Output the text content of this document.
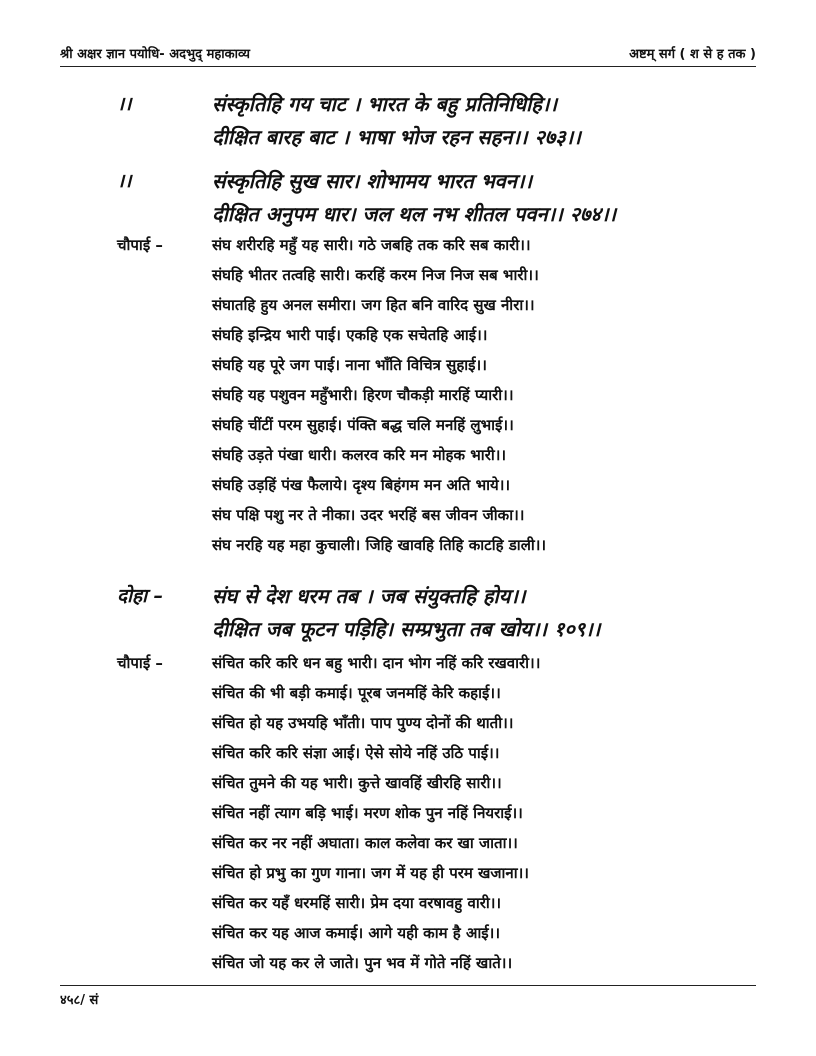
श्री अक्षर ज्ञान पयोधि- अदभुद् महाकाव्य	अष्टम् सर्ग ( श से ह तक )
।।	संस्कृतिहि गय चाट । भारत के बहु प्रतिनिधिहि।।
दीक्षित बारह बाट । भाषा भोज रहन सहन।। २७३।।
।।	संस्कृतिहि सुख सार। शोभामय भारत भवन।।
दीक्षित अनुपम धार। जल थल नभ शीतल पवन।। २७४।।
चौपाई –	संघ शरीरहि महुँ यह सारी। गठे जबहि तक करि सब कारी।।
संघहि भीतर तत्वहि सारी। करहिं करम निज निज सब भारी।।
संघातहि हुय अनल समीरा। जग हित बनि वारिद सुख नीरा।।
संघहि इन्द्रिय भारी पाई। एकहि एक सचेतहि आई।।
संघहि यह पूरे जग पाई। नाना भाँति विचित्र सुहाई।।
संघहि यह पशुवन महुँभारी। हिरण चौकड़ी मारहिं प्यारी।।
संघहि चींटीं परम सुहाई। पंक्ति बद्ध चलि मनहिं लुभाई।।
संघहि उड़ते पंखा धारी। कलरव करि मन मोहक भारी।।
संघहि उड़हिं पंख फैलाये। दृश्य बिहंगम मन अति भाये।।
संघ पक्षि पशु नर ते नीका। उदर भरहिं बस जीवन जीका।।
संघ नरहि यह महा कुचाली। जिहि खावहि तिहि काटहि डाली।।
दोहा – संघ से देश धरम तब । जब संयुक्तहि होय।।
दीक्षित जब फूटन पड़िहि। सम्प्रभुता तब खोय।। १०९।।
चौपाई –	संचित करि करि धन बहु भारी। दान भोग नहिं करि रखवारी।।
संचित की भी बड़ी कमाई। पूरब जनमहिं केरि कहाई।।
संचित हो यह उभयहि भाँती। पाप पुण्य दोनों की थाती।।
संचित करि करि संज्ञा आई। ऐसे सोये नहिं उठि पाई।।
संचित तुमने की यह भारी। कुत्ते खावहिं खीरहि सारी।।
संचित नहीं त्याग बड़ि भाई। मरण शोक पुन नहिं नियराई।।
संचित कर नर नहीं अघाता। काल कलेवा कर खा जाता।।
संचित हो प्रभु का गुण गाना। जग में यह ही परम खजाना।।
संचित कर यहँ धरमहिं सारी। प्रेम दया वरषावहु वारी।।
संचित कर यह आज कमाई। आगे यही काम है आई।।
संचित जो यह कर ले जाते। पुन भव में गोते नहिं खाते।।
४५८/ सं
